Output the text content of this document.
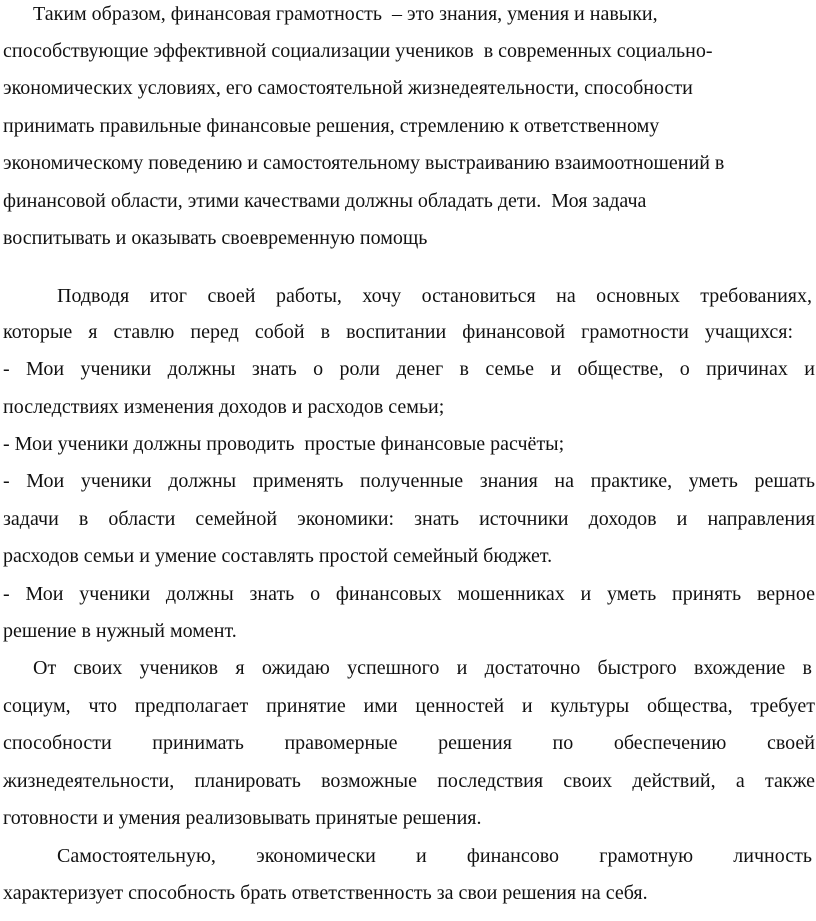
Таким образом, финансовая грамотность  – это знания, умения и навыки,
способствующие эффективной социализации учеников  в современных социально-
экономических условиях, его самостоятельной жизнедеятельности, способности
принимать правильные финансовые решения, стремлению к ответственному
экономическому поведению и самостоятельному выстраиванию взаимоотношений в
финансовой области, этими качествами должны обладать дети.  Моя задача
воспитывать и оказывать своевременную помощь
Подводя итог своей работы, хочу остановиться на основных требованиях,
которые я ставлю перед собой в воспитании финансовой грамотности учащихся:
- Мои ученики должны знать о роли денег в семье и обществе, о причинах и
последствиях изменения доходов и расходов семьи;
- Мои ученики должны проводить  простые финансовые расчёты;
- Мои ученики должны применять полученные знания на практике, уметь решать
задачи в области семейной экономики: знать источники доходов и направления
расходов семьи и умение составлять простой семейный бюджет.
- Мои ученики должны знать о финансовых мошенниках и уметь принять верное
решение в нужный момент.
От своих учеников я ожидаю успешного и достаточно быстрого вхождение в
социум, что предполагает принятие ими ценностей и культуры общества, требует
способности принимать правомерные решения по обеспечению своей
жизнедеятельности, планировать возможные последствия своих действий, а также
готовности и умения реализовывать принятые решения.
Самостоятельную, экономически и финансово грамотную личность
характеризует способность брать ответственность за свои решения на себя.
